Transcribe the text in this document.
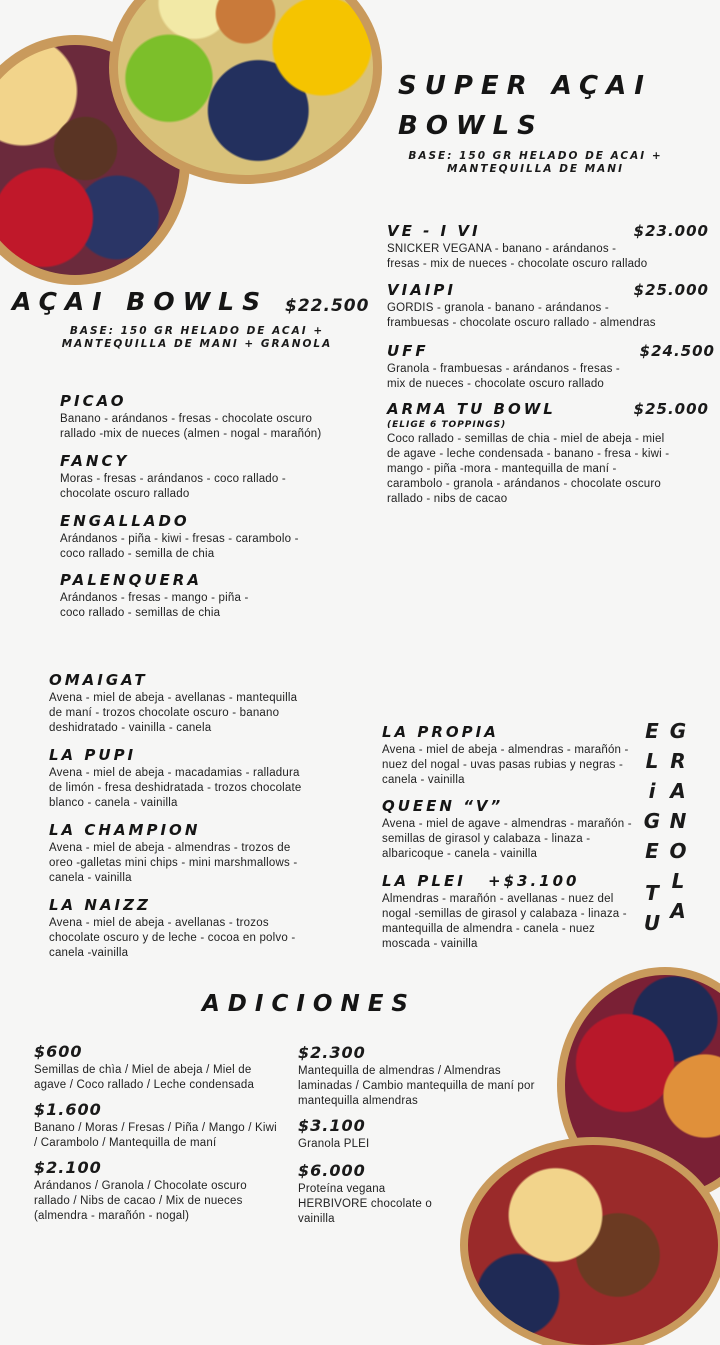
SUPER AÇAI
BOWLS
BASE: 150 GR HELADO DE ACAI + MANTEQUILLA DE MANI

VE - I VI	$23.000

SNICKER VEGANA - banano - arándanos - fresas - mix de nueces - chocolate oscuro rallado

VIAIPI	$25.000

GORDIS - granola - banano - arándanos - frambuesas - chocolate oscuro rallado - almendras

UFF	$24.500

Granola - frambuesas - arándanos - fresas - mix de nueces - chocolate oscuro rallado

ARMA TU BOWL	$25.000

(ELIGE 6 TOPPINGS)

Coco rallado - semillas de chia - miel de abeja - miel de agave - leche condensada - banano - fresa - kiwi - mango - piña -mora - mantequilla de maní - carambolo - granola - arándanos - chocolate oscuro rallado - nibs de cacao

AÇAI BOWLS $22.500
BASE: 150 GR HELADO DE ACAI + MANTEQUILLA DE MANI + GRANOLA

PICAO

Banano - arándanos - fresas - chocolate oscuro rallado -mix de nueces (almen - nogal - marañón)

FANCY

Moras - fresas - arándanos - coco rallado - chocolate oscuro rallado

ENGALLADO

Arándanos - piña - kiwi - fresas - carambolo - coco rallado - semilla de chia

PALENQUERA

Arándanos - fresas - mango - piña - coco rallado - semillas de chia

OMAIGAT

Avena - miel de abeja - avellanas - mantequilla de maní - trozos chocolate oscuro - banano deshidratado - vainilla - canela

LA PUPI

Avena - miel de abeja - macadamias - ralladura de limón - fresa deshidratada - trozos chocolate blanco - canela - vainilla

LA CHAMPION

Avena - miel de abeja - almendras - trozos de oreo -galletas mini chips - mini marshmallows - canela - vainilla

LA NAIZZ

Avena - miel de abeja - avellanas - trozos chocolate oscuro y de leche - cocoa en polvo - canela -vainilla

LA PROPIA

Avena - miel de abeja - almendras - marañón - nuez del nogal - uvas pasas rubias y negras - canela - vainilla

QUEEN “V”

Avena - miel de agave - almendras - marañón - semillas de girasol y calabaza - linaza - albaricoque - canela - vainilla

LA PLEI +$3.100

Almendras - marañón - avellanas - nuez del nogal -semillas de girasol y calabaza - linaza - mantequilla de almendra - canela - nuez moscada - vainilla

E
L
i
G
E
T
U
G
R
A
N
O
L
A
ADICIONES
$600

Semillas de chìa / Miel de abeja / Miel de agave / Coco rallado / Leche condensada

$1.600

Banano / Moras / Fresas / Piña / Mango / Kiwi / Carambolo / Mantequilla de maní

$2.100

Arándanos / Granola / Chocolate oscuro rallado / Nibs de cacao / Mix de nueces (almendra - marañón - nogal)

$2.300

Mantequilla de almendras / Almendras laminadas / Cambio mantequilla de maní por mantequilla almendras

$3.100

Granola PLEI

$6.000

Proteína vegana HERBIVORE chocolate o vainilla
